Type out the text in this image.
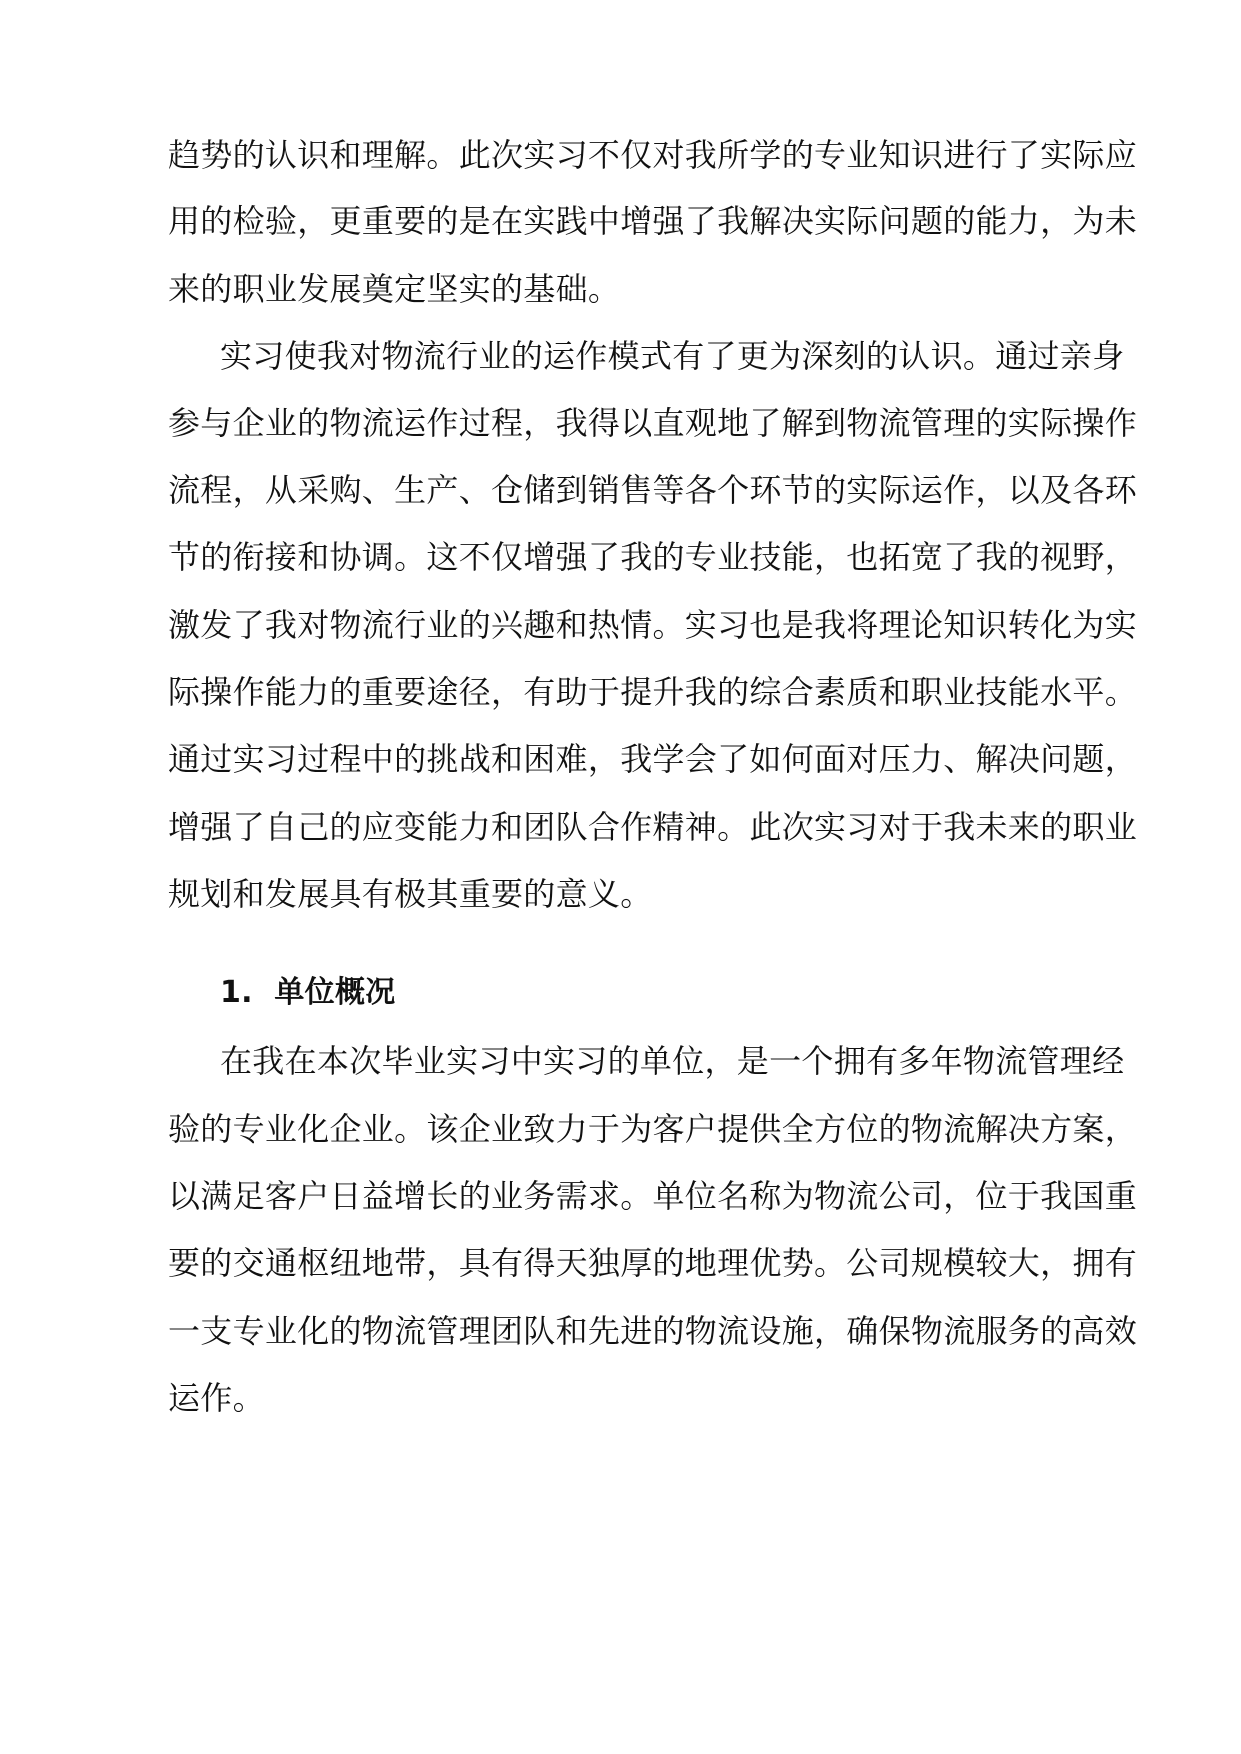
趋势的认识和理解。此次实习不仅对我所学的专业知识进行了实际应
用的检验，更重要的是在实践中增强了我解决实际问题的能力，为未
来的职业发展奠定坚实的基础。
实习使我对物流行业的运作模式有了更为深刻的认识。通过亲身
参与企业的物流运作过程，我得以直观地了解到物流管理的实际操作
流程，从采购、生产、仓储到销售等各个环节的实际运作，以及各环
节的衔接和协调。这不仅增强了我的专业技能，也拓宽了我的视野，
激发了我对物流行业的兴趣和热情。实习也是我将理论知识转化为实
际操作能力的重要途径，有助于提升我的综合素质和职业技能水平。
通过实习过程中的挑战和困难，我学会了如何面对压力、解决问题，
增强了自己的应变能力和团队合作精神。此次实习对于我未来的职业
规划和发展具有极其重要的意义。
1.  单位概况
在我在本次毕业实习中实习的单位，是一个拥有多年物流管理经
验的专业化企业。该企业致力于为客户提供全方位的物流解决方案，
以满足客户日益增长的业务需求。单位名称为物流公司，位于我国重
要的交通枢纽地带，具有得天独厚的地理优势。公司规模较大，拥有
一支专业化的物流管理团队和先进的物流设施，确保物流服务的高效
运作。
